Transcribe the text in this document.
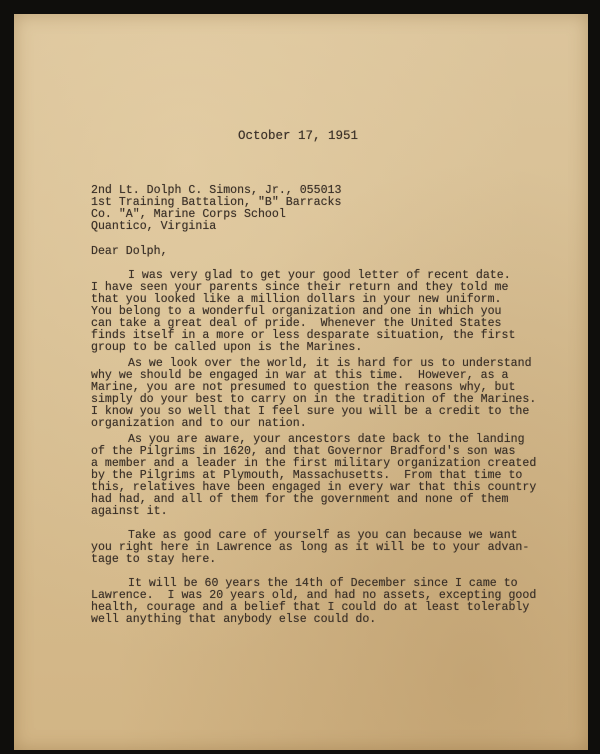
October 17, 1951
2nd Lt. Dolph C. Simons, Jr., 055013
1st Training Battalion, "B" Barracks
Co. "A", Marine Corps School
Quantico, Virginia
Dear Dolph,
I was very glad to get your good letter of recent date.
I have seen your parents since their return and they told me
that you looked like a million dollars in your new uniform.
You belong to a wonderful organization and one in which you
can take a great deal of pride.  Whenever the United States
finds itself in a more or less desparate situation, the first
group to be called upon is the Marines.
As we look over the world, it is hard for us to understand
why we should be engaged in war at this time.  However, as a
Marine, you are not presumed to question the reasons why, but
simply do your best to carry on in the tradition of the Marines.
I know you so well that I feel sure you will be a credit to the
organization and to our nation.
As you are aware, your ancestors date back to the landing
of the Pilgrims in 1620, and that Governor Bradford's son was
a member and a leader in the first military organization created
by the Pilgrims at Plymouth, Massachusetts.  From that time to
this, relatives have been engaged in every war that this country
had had, and all of them for the government and none of them
against it.
Take as good care of yourself as you can because we want
you right here in Lawrence as long as it will be to your advan-
tage to stay here.
It will be 60 years the 14th of December since I came to
Lawrence.  I was 20 years old, and had no assets, excepting good
health, courage and a belief that I could do at least tolerably
well anything that anybody else could do.
